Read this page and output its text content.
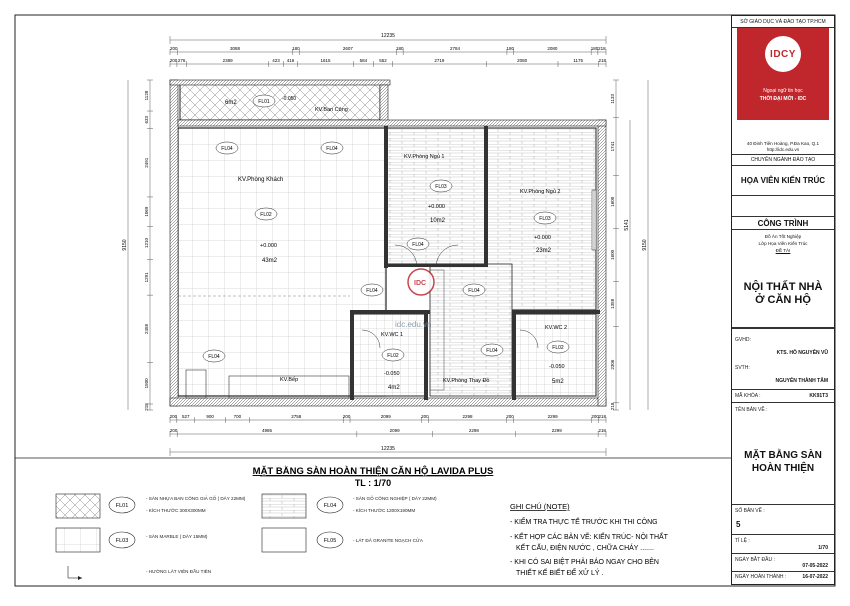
12235
200	3088	180	2607	180	2784	180	2080	180 218
200 276	2389	423 416	1615	584	552	2719	2080	1175	218
200 527	900	700	2758	200	2099	200	2298	200	2299	200 218
200	4985	2099	2298	2299	218
12235
1128
633
2491
1069
1210
1291
2458
1500
218
9150
1133
1741
1600
1600
1358
2306
218
5141
9150
6m2	FL01 -0.050
KV.Ban Công
KV.Phòng Khách
FL02
+0.000
43m2
KV.Phòng Ngủ 1
FL03
+0.000
10m2
KV.Phòng Ngủ 2
FL03
+0.000
23m2
KV.WC 1
FL02
-0.050
4m2
KV.WC 2
FL02
-0.050
5m2
KV.Bếp	KV.Phòng Thay Đồ
FL04	FL04
FL04	FL04
FL04
FL04
FL04
IDC
idc.edu.vn
MẶT BẰNG SÀN HOÀN THIỆN CĂN HỘ LAVIDA PLUS
TL : 1/70
FL01
- SÀN NHỰA BAN CÔNG GIẢ GỖ ( DÀY 22MM)
- KÍCH THƯỚC 300X300MM
FL03
- SÀN MARBLE ( DÀY 15MM)
- HƯỚNG LÁT VIÊN ĐẦU TIÊN
FL04
- SÀN GỖ CÔNG NGHIỆP ( DÀY 22MM)
- KÍCH THƯỚC 1200X190MM
FL05	- LÁT ĐÁ GRANITE NGẠCH CỬA
GHI CHÚ (NOTE)
- KIỂM TRA THỰC TẾ TRƯỚC KHI THI CÔNG
- KẾT HỢP CÁC BẢN VẼ: KIẾN TRÚC- NỘI THẤT
KẾT CẤU, ĐIỆN NƯỚC , CHỮA CHÁY .......
- KHI CÓ SAI BIỆT PHẢI BÁO NGAY CHO BÊN
THIẾT KẾ BIẾT ĐỂ XỬ LÝ .
SỞ GIÁO DỤC VÀ ĐÀO TẠO TP.HCM
IDCY
Ngoại ngữ tin học
THỜI ĐẠI MỚI - IDC
40 Đinh Tiên Hoàng, P.Đa Kao, Q.1
http://idc.edu.vn
CHUYÊN NGÀNH ĐÀO TẠO
HỌA VIÊN KIẾN TRÚC
CÔNG TRÌNH
Đồ Án Tốt Nghiệp
Lớp Họa Viên Kiến Trúc
ĐỀ TÀI
NỘI THẤT NHÀ Ở CĂN HỘ
GVHD:
KTS. HỒ NGUYÊN VŨ
SVTH:
NGUYỄN THÀNH TÂM
MÃ KHÓA :	KK91T3
TÊN BẢN VẼ :
MẶT BẰNG SÀN HOÀN THIỆN
SỐ BẢN VẼ :
5
TỈ LỆ :
1/70
NGÀY BẮT ĐẦU :
07-05-2022
NGÀY HOÀN THÀNH :	16-07-2022
